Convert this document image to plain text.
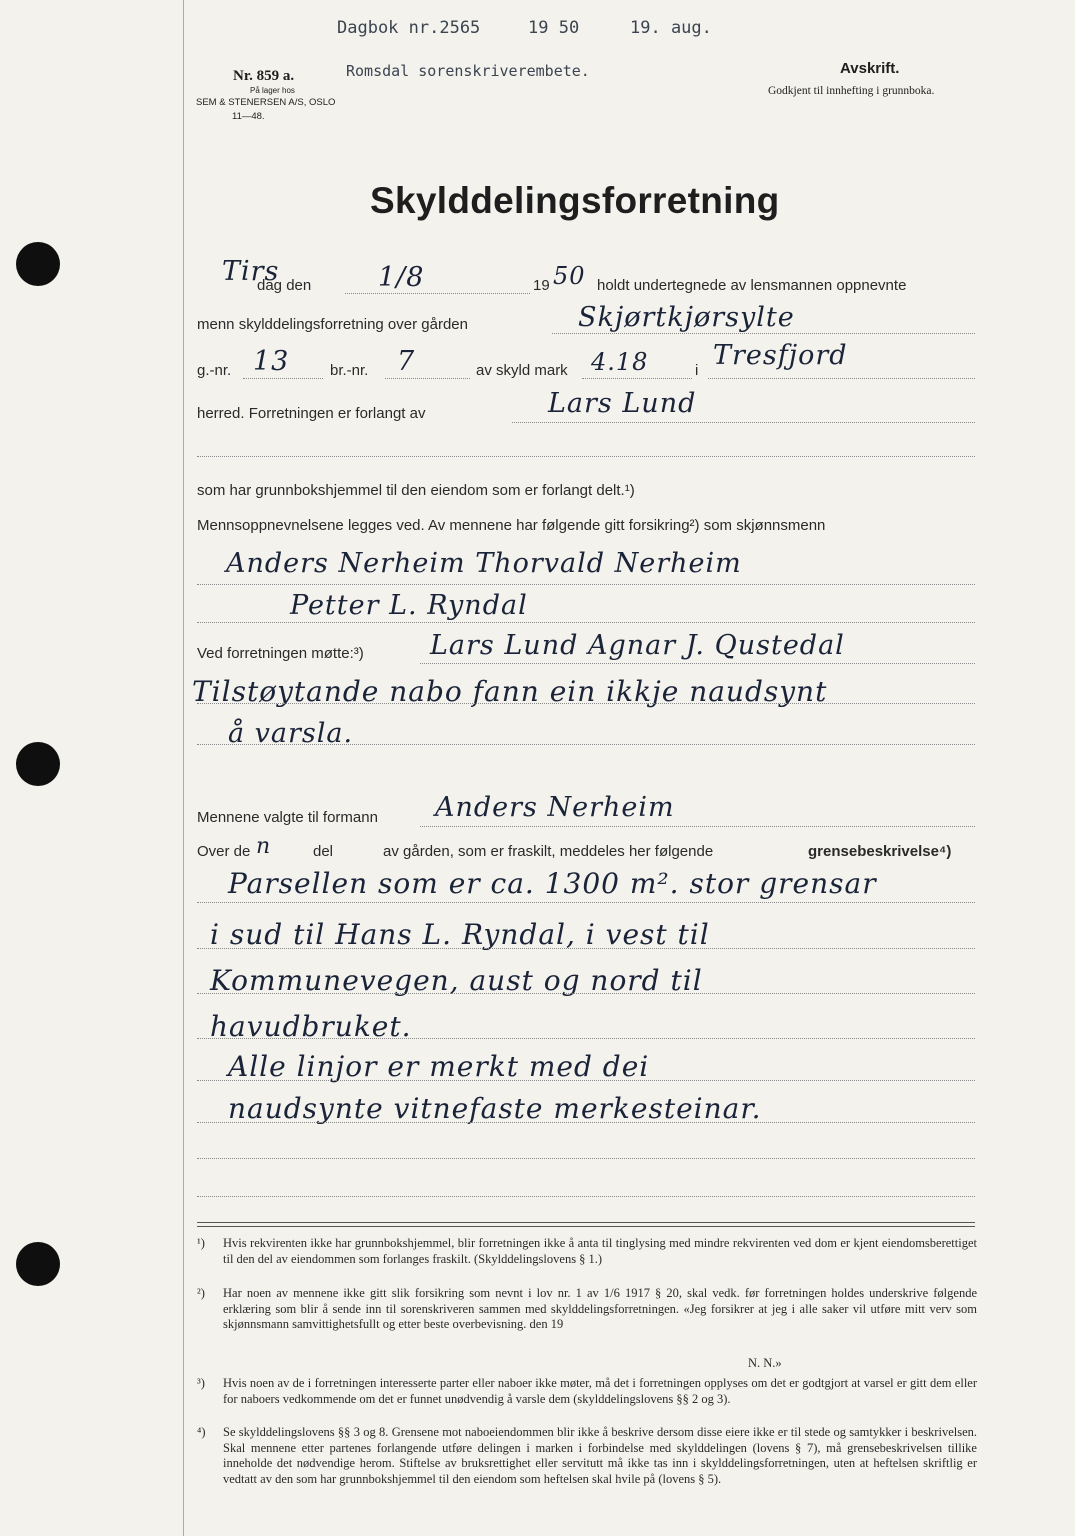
Nr. 859 a.
Dagbok nr.2565	19 50	19. aug.
Romsdal sorenskriverembete.
På lager hos
SEM & STENERSEN A/S, OSLO
11—48.
Avskrift.
Godkjent til innhefting i grunnboka.
Skylddelingsforretning
Tirs
dag den 1/8	19 50 holdt undertegnede av lensmannen oppnevnte
menn skylddelingsforretning over gården	Skjørtkjørsylte
g.-nr. 13	br.-nr. 7	av skyld mark 4.18	i Tresfjord
herred. Forretningen er forlangt av	Lars Lund
som har grunnbokshjemmel til den eiendom som er forlangt delt.¹)
Mennsoppnevnelsene legges ved. Av mennene har følgende gitt forsikring²) som skjønnsmenn
Anders Nerheim Thorvald Nerheim
Petter L. Ryndal
Ved forretningen møtte:³) Lars Lund Agnar J. Qustedal
Tilstøytande nabo fann ein ikkje naudsynt
å varsla.
Mennene valgte til formann Anders Nerheim
Over de n	del	av gården, som er fraskilt, meddeles her følgende	grensebeskrivelse⁴)
Parsellen som er ca. 1300 m². stor grensar
i sud til Hans L. Ryndal, i vest til
Kommunevegen, aust og nord til
havudbruket.
Alle linjor er merkt med dei
naudsynte vitnefaste merkesteinar.
¹) Hvis rekvirenten ikke har grunnbokshjemmel, blir forretningen ikke å anta til tinglysing med mindre rekvirenten ved dom er kjent eiendomsberettiget til den del av eiendommen som forlanges fraskilt. (Skylddelingslovens § 1.)
²) Har noen av mennene ikke gitt slik forsikring som nevnt i lov nr. 1 av 1/6 1917 § 20, skal vedk. før forretningen holdes underskrive følgende erklæring som blir å sende inn til sorenskriveren sammen med skylddelingsforretningen. «Jeg forsikrer at jeg i alle saker vil utføre mitt verv som skjønnsmann samvittighetsfullt og etter beste overbevisning. den 19
N. N.»
³) Hvis noen av de i forretningen interesserte parter eller naboer ikke møter, må det i forretningen opplyses om det er godtgjort at varsel er gitt dem eller for naboers vedkommende om det er funnet unødvendig å varsle dem (skylddelingslovens §§ 2 og 3).
⁴) Se skylddelingslovens §§ 3 og 8. Grensene mot naboeiendommen blir ikke å beskrive dersom disse eiere ikke er til stede og samtykker i beskrivelsen. Skal mennene etter partenes forlangende utføre delingen i marken i forbindelse med skylddelingen (lovens § 7), må grensebeskrivelsen tillike inneholde det nødvendige herom. Stiftelse av bruksrettighet eller servitutt må ikke tas inn i skylddelingsforretningen, uten at heftelsen skriftlig er vedtatt av den som har grunnbokshjemmel til den eiendom som heftelsen skal hvile på (lovens § 5).
